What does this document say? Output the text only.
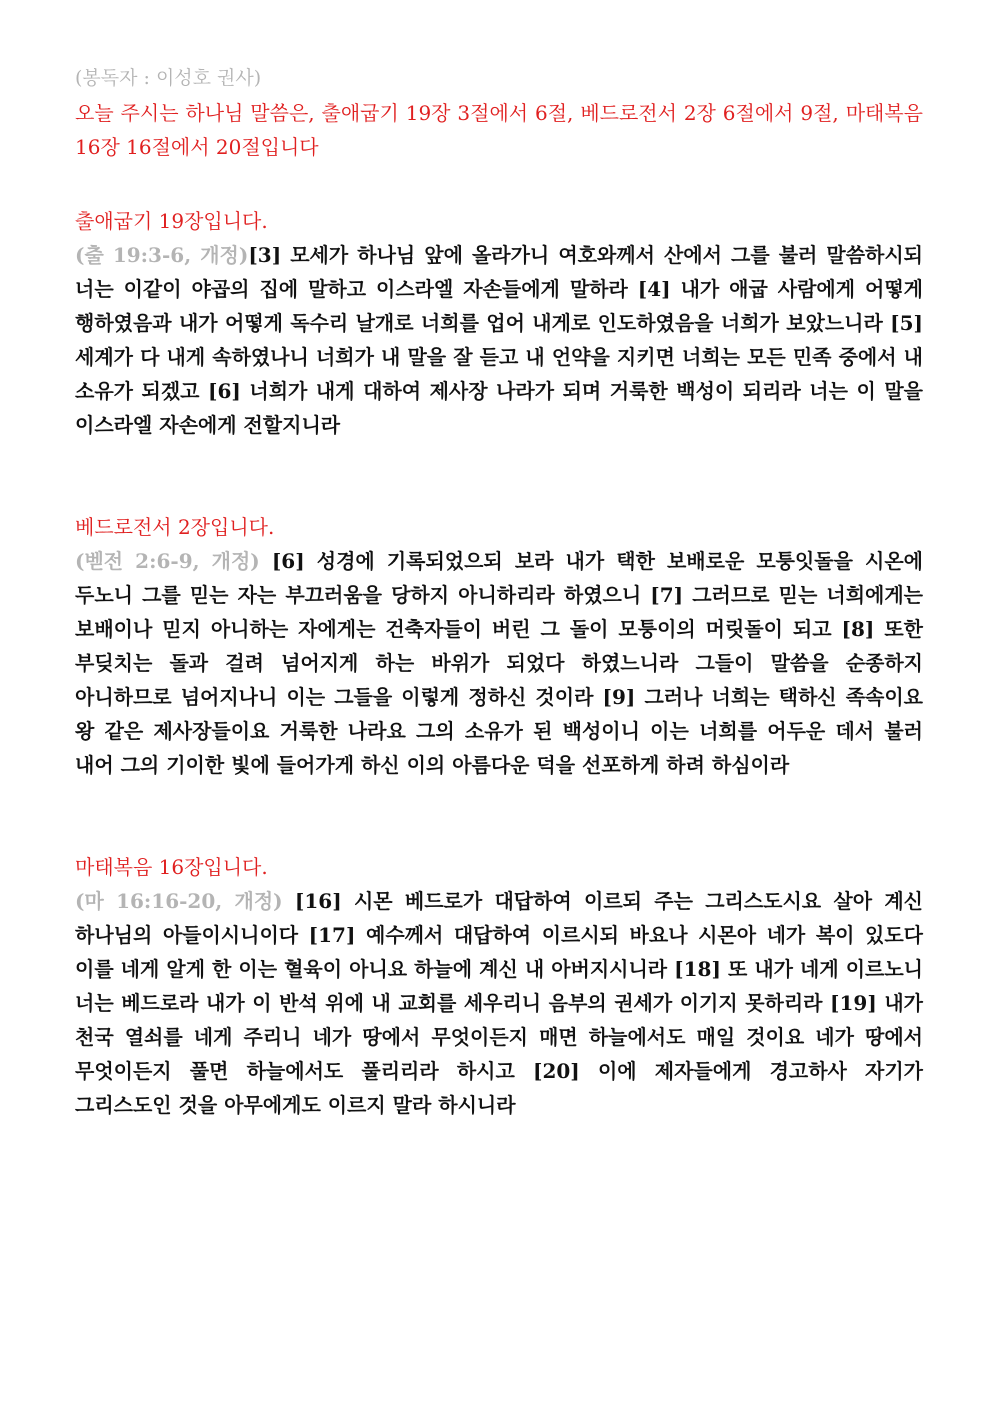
(봉독자 : 이성호 권사)
오늘 주시는 하나님 말씀은, 출애굽기 19장 3절에서 6절, 베드로전서 2장 6절에서 9절, 마태복음 16장 16절에서 20절입니다
출애굽기 19장입니다.
(출 19:3-6, 개정)[3] 모세가 하나님 앞에 올라가니 여호와께서 산에서 그를 불러 말씀하시되 너는 이같이 야곱의 집에 말하고 이스라엘 자손들에게 말하라 [4] 내가 애굽 사람에게 어떻게 행하였음과 내가 어떻게 독수리 날개로 너희를 업어 내게로 인도하였음을 너희가 보았느니라 [5] 세계가 다 내게 속하였나니 너희가 내 말을 잘 듣고 내 언약을 지키면 너희는 모든 민족 중에서 내 소유가 되겠고 [6] 너희가 내게 대하여 제사장 나라가 되며 거룩한 백성이 되리라 너는 이 말을 이스라엘 자손에게 전할지니라
베드로전서 2장입니다.
(벧전 2:6-9, 개정) [6] 성경에 기록되었으되 보라 내가 택한 보배로운 모퉁잇돌을 시온에 두노니 그를 믿는 자는 부끄러움을 당하지 아니하리라 하였으니 [7] 그러므로 믿는 너희에게는 보배이나 믿지 아니하는 자에게는 건축자들이 버린 그 돌이 모퉁이의 머릿돌이 되고 [8] 또한 부딪치는 돌과 걸려 넘어지게 하는 바위가 되었다 하였느니라 그들이 말씀을 순종하지 아니하므로 넘어지나니 이는 그들을 이렇게 정하신 것이라 [9] 그러나 너희는 택하신 족속이요 왕 같은 제사장들이요 거룩한 나라요 그의 소유가 된 백성이니 이는 너희를 어두운 데서 불러 내어 그의 기이한 빛에 들어가게 하신 이의 아름다운 덕을 선포하게 하려 하심이라
마태복음 16장입니다.
(마 16:16-20, 개정) [16] 시몬 베드로가 대답하여 이르되 주는 그리스도시요 살아 계신 하나님의 아들이시니이다 [17] 예수께서 대답하여 이르시되 바요나 시몬아 네가 복이 있도다 이를 네게 알게 한 이는 혈육이 아니요 하늘에 계신 내 아버지시니라 [18] 또 내가 네게 이르노니 너는 베드로라 내가 이 반석 위에 내 교회를 세우리니 음부의 권세가 이기지 못하리라 [19] 내가 천국 열쇠를 네게 주리니 네가 땅에서 무엇이든지 매면 하늘에서도 매일 것이요 네가 땅에서 무엇이든지 풀면 하늘에서도 풀리리라 하시고 [20] 이에 제자들에게 경고하사 자기가 그리스도인 것을 아무에게도 이르지 말라 하시니라
